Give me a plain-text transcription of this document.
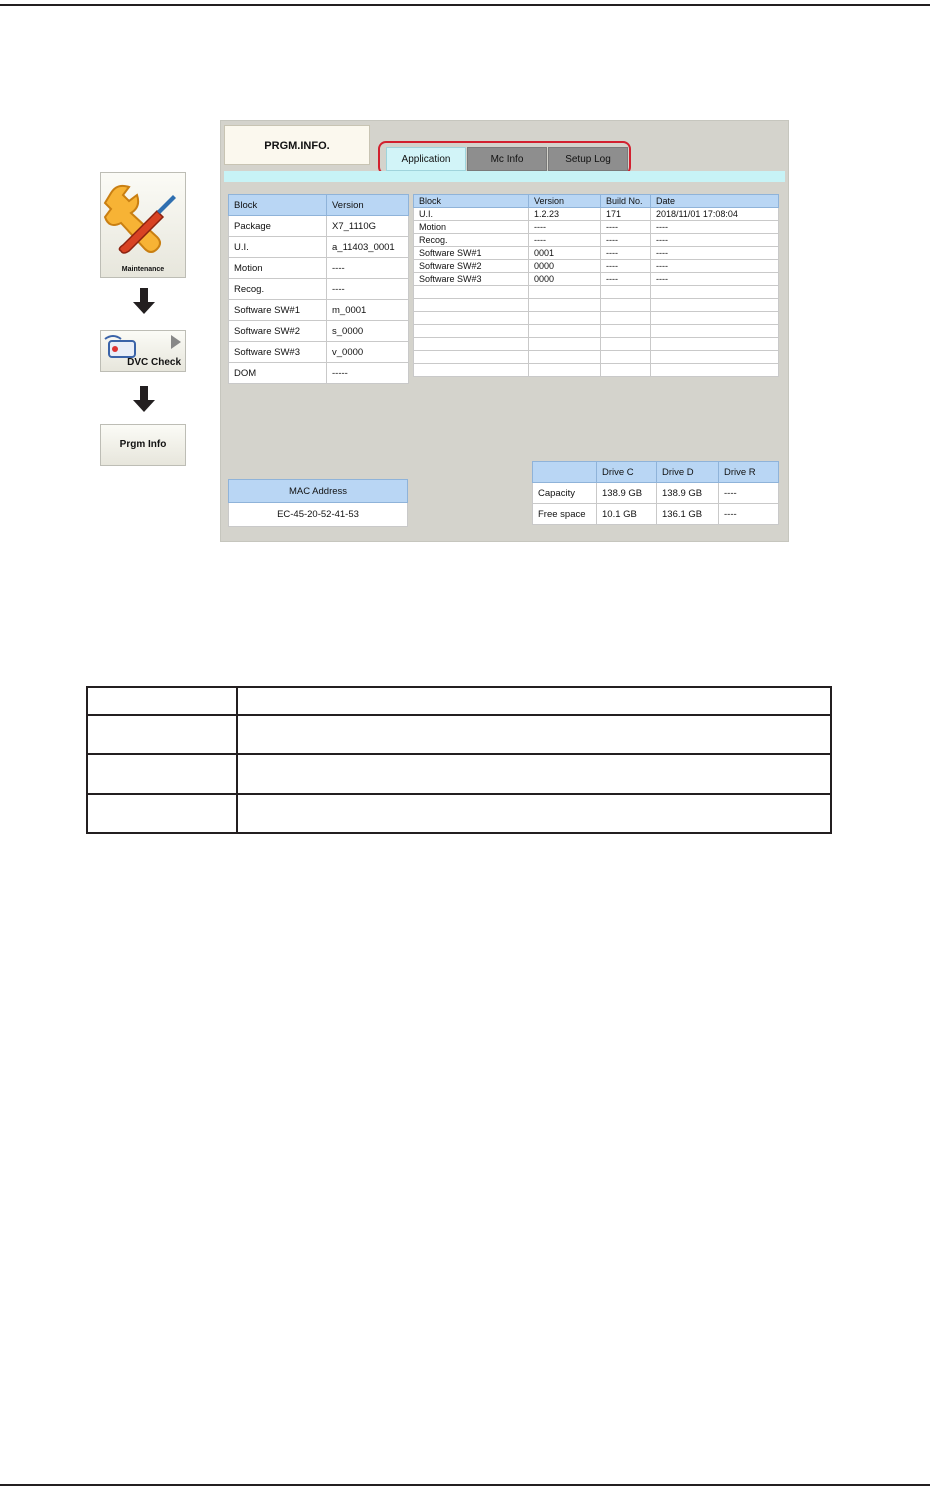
Maintenance
DVC Check
Prgm Info
PRGM.INFO.
Application	Mc Info	Setup Log
Block	Version
Package	X7_1110G
U.I.	a_11403_0001
Motion	----
Recog.	----
Software SW#1	m_0001
Software SW#2	s_0000
Software SW#3	v_0000
DOM	-----
Block	Version	Build No.	Date
U.I.	1.2.23	171	2018/11/01 17:08:04
Motion	----	----	----
Recog.	----	----	----
Software SW#1	0001	----	----
Software SW#2	0000	----	----
Software SW#3	0000	----	----

MAC Address
EC-45-20-52-41-53
	Drive C	Drive D	Drive R
Capacity	138.9 GB	138.9 GB	----
Free space	10.1 GB	136.1 GB	----
